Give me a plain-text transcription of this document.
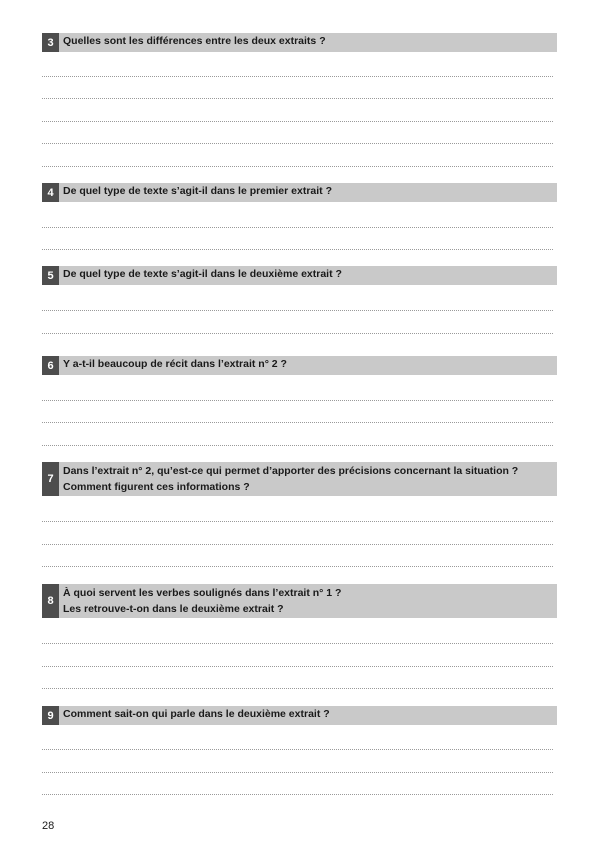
3 Quelles sont les différences entre les deux extraits ?
4 De quel type de texte s’agit-il dans le premier extrait ?
5 De quel type de texte s’agit-il dans le deuxième extrait ?
6 Y a-t-il beaucoup de récit dans l’extrait n° 2 ?
7
Dans l’extrait n° 2, qu’est-ce qui permet d’apporter des précisions concernant la situation ?
Comment figurent ces informations ?
8
À quoi servent les verbes soulignés dans l’extrait n° 1 ?
Les retrouve-t-on dans le deuxième extrait ?
9 Comment sait-on qui parle dans le deuxième extrait ?
28
